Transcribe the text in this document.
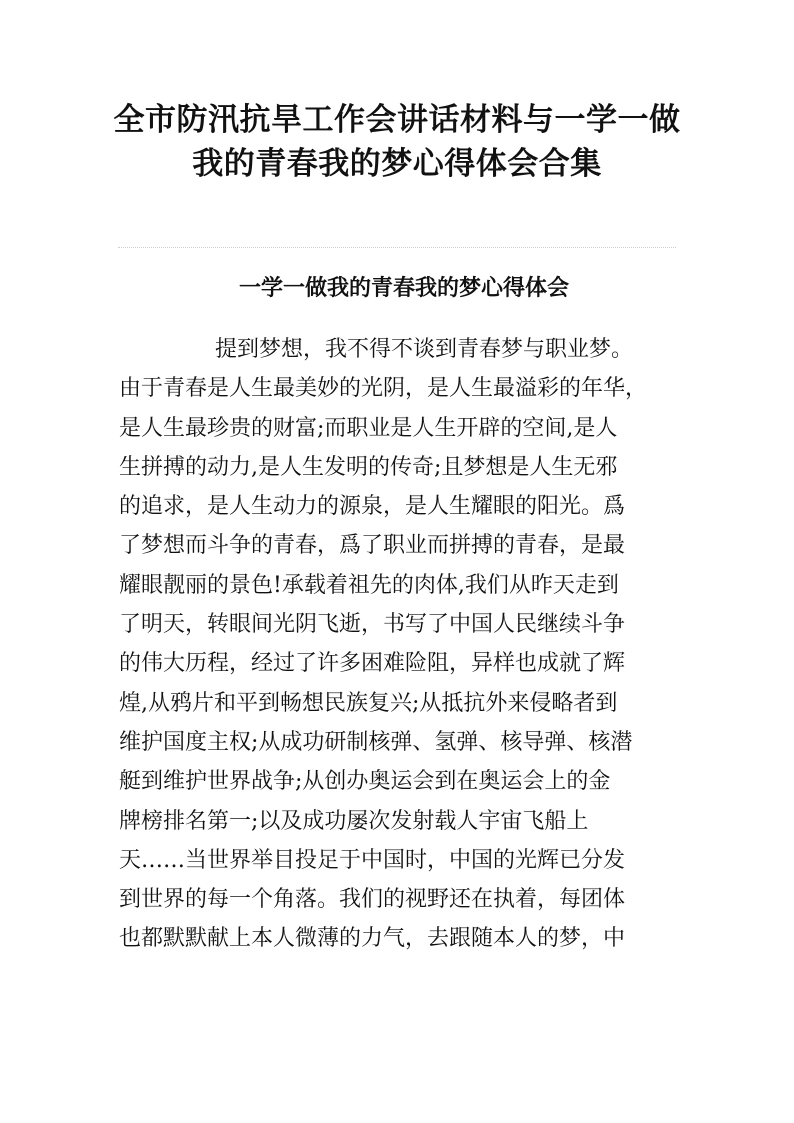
全市防汛抗旱工作会讲话材料与一学一做
我的青春我的梦心得体会合集
一学一做我的青春我的梦心得体会
提到梦想，我不得不谈到青春梦与职业梦。
由于青春是人生最美妙的光阴，是人生最溢彩的年华，
是人生最珍贵的财富;而职业是人生开辟的空间,是人
生拼搏的动力,是人生发明的传奇;且梦想是人生无邪
的追求，是人生动力的源泉，是人生耀眼的阳光。爲
了梦想而斗争的青春，爲了职业而拼搏的青春，是最
耀眼靓丽的景色!承载着祖先的肉体,我们从昨天走到
了明天，转眼间光阴飞逝，书写了中国人民继续斗争
的伟大历程，经过了许多困难险阻，异样也成就了辉
煌,从鸦片和平到畅想民族复兴;从抵抗外来侵略者到
维护国度主权;从成功研制核弹、氢弹、核导弹、核潜
艇到维护世界战争;从创办奥运会到在奥运会上的金
牌榜排名第一;以及成功屡次发射载人宇宙飞船上
天……当世界举目投足于中国时，中国的光辉已分发
到世界的每一个角落。我们的视野还在执着，每团体
也都默默献上本人微薄的力气，去跟随本人的梦，中
